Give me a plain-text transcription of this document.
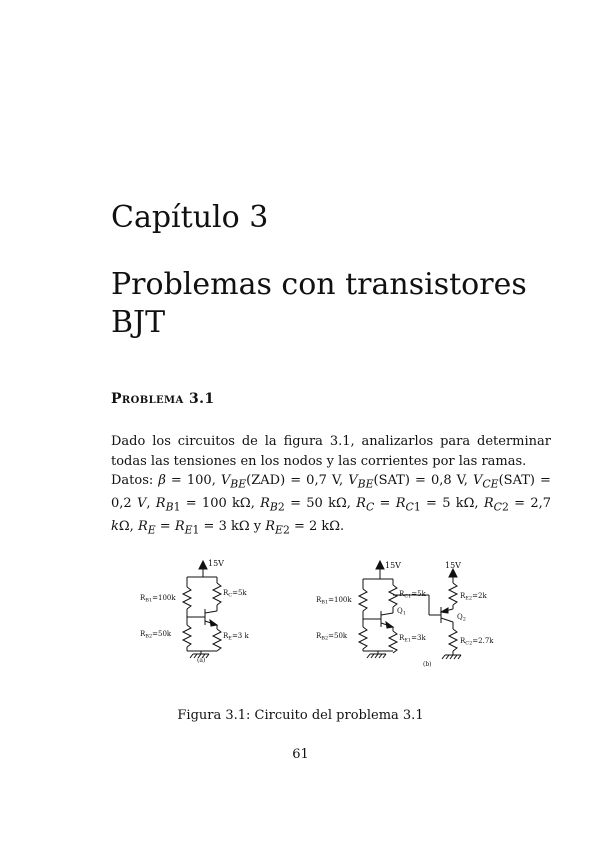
Capítulo 3
Problemas con transistores
BJT
Problema 3.1
Dado los circuitos de la figura 3.1, analizarlos para determinar todas las tensiones en los nodos y las corrientes por las ramas.
Datos: β = 100, $V_{BE}(ZAD) = 0,7$ V, $V_{BE}(SAT) = 0,8$ V, $V_{CE}(SAT) = 0,2$ V, $R_{B1} = 100$ kΩ, $R_{B2} = 50$ kΩ, $R_C = R_{C1} = 5$ kΩ, $R_{C2} = 2,7$ kΩ, $R_E = R_{E1} = 3$ kΩ y $R_{E2} = 2$ kΩ.
15V
$R_{B1}=100k$
$R_{B2}=50k$
$R_C=5k$
$R_E=3$ k
(a)
15V	15V
$R_{B1}=100k$
$R_{B2}=50k$
$R_{C1}=5k$
$Q_1$
$R_{E1}=3k$
$R_{E2}=2k$
$Q_2$
$R_{C2}=2.7k$
(b)
Figura 3.1: Circuito del problema 3.1
61
